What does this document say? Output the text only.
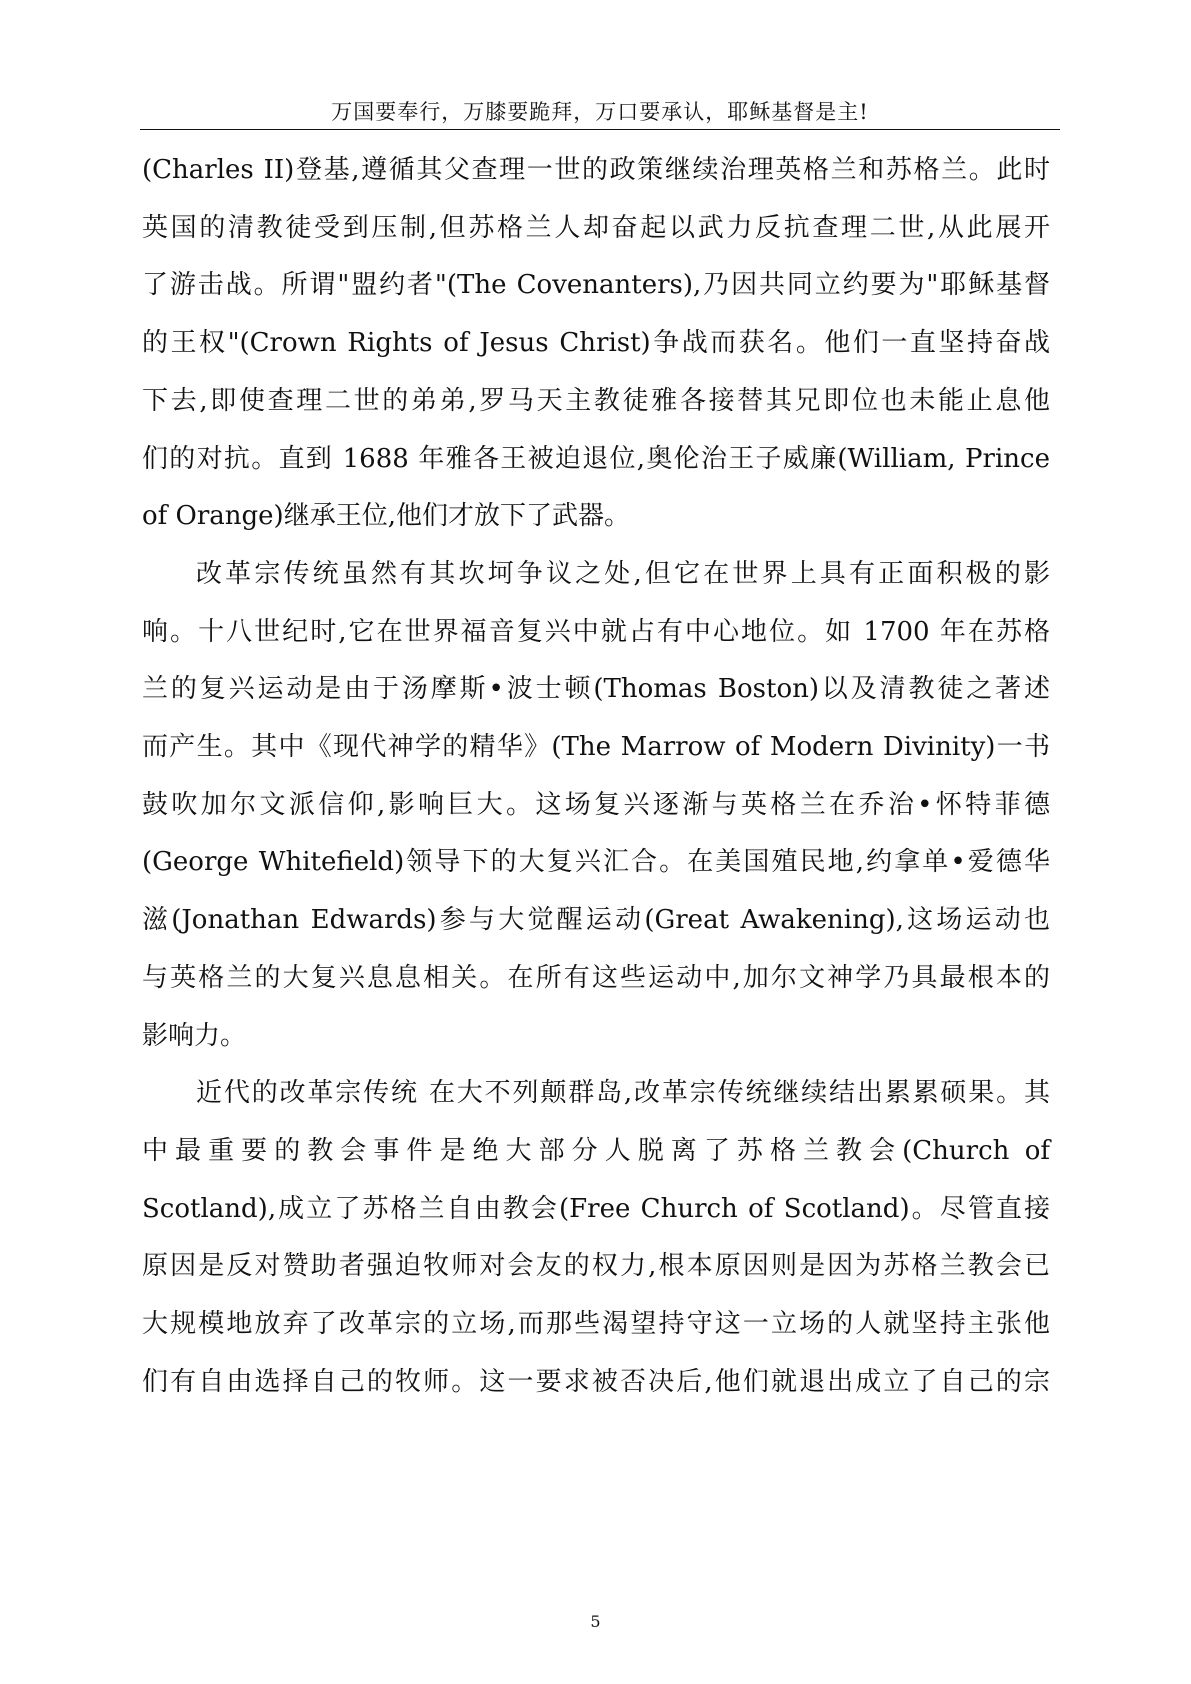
万国要奉行，万膝要跪拜，万口要承认，耶稣基督是主!
(Charles II)登基,遵循其父查理一世的政策继续治理英格兰和苏格兰。此时
英国的清教徒受到压制,但苏格兰人却奋起以武力反抗查理二世,从此展开
了游击战。所谓"盟约者"(The Covenanters),乃因共同立约要为"耶稣基督
的王权"(Crown Rights of Jesus Christ)争战而获名。他们一直坚持奋战
下去,即使查理二世的弟弟,罗马天主教徒雅各接替其兄即位也未能止息他
们的对抗。直到 1688 年雅各王被迫退位,奥伦治王子威廉(William, Prince
of Orange)继承王位,他们才放下了武器。
改革宗传统虽然有其坎坷争议之处,但它在世界上具有正面积极的影
响。十八世纪时,它在世界福音复兴中就占有中心地位。如 1700 年在苏格
兰的复兴运动是由于汤摩斯•波士顿(Thomas Boston)以及清教徒之著述
而产生。其中《现代神学的精华》(The Marrow of Modern Divinity)一书
鼓吹加尔文派信仰,影响巨大。这场复兴逐渐与英格兰在乔治•怀特菲德
(George Whitefield)领导下的大复兴汇合。在美国殖民地,约拿单•爱德华
滋(Jonathan Edwards)参与大觉醒运动(Great Awakening),这场运动也
与英格兰的大复兴息息相关。在所有这些运动中,加尔文神学乃具最根本的
影响力。
近代的改革宗传统 在大不列颠群岛,改革宗传统继续结出累累硕果。其
中最重要的教会事件是绝大部分人脱离了苏格兰教会(Church of
Scotland),成立了苏格兰自由教会(Free Church of Scotland)。尽管直接
原因是反对赞助者强迫牧师对会友的权力,根本原因则是因为苏格兰教会已
大规模地放弃了改革宗的立场,而那些渴望持守这一立场的人就坚持主张他
们有自由选择自己的牧师。这一要求被否决后,他们就退出成立了自己的宗
5
